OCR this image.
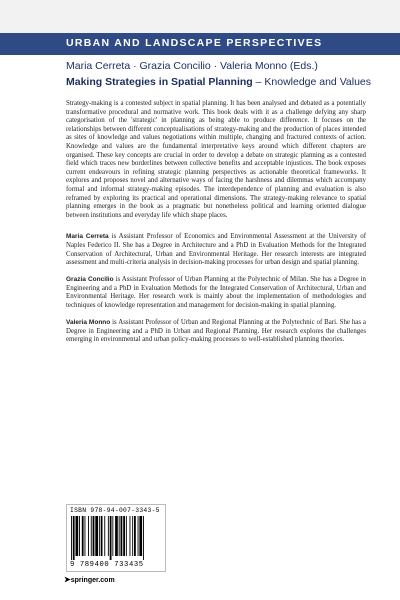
URBAN AND LANDSCAPE PERSPECTIVES
Maria Cerreta · Grazia Concilio · Valeria Monno (Eds.)
Making Strategies in Spatial Planning – Knowledge and Values

Strategy-making is a contested subject in spatial planning. It has been analysed and debated as a potentially transformative procedural and normative work. This book deals with it as a challenge defying any sharp categorisation of the 'strategic' in planning as being able to produce difference. It focuses on the relationships between different conceptualisations of strategy-making and the production of places intended as sites of knowledge and values negotiations within multiple, changing and fractured contexts of action. Knowledge and values are the fundamental interpretative keys around which different chapters are organised. These key concepts are crucial in order to develop a debate on strategic planning as a contested field which traces new borderlines between collective benefits and acceptable injustices. The book exposes current endeavours in refining strategic planning perspectives as actionable theoretical frameworks. It explores and proposes novel and alternative ways of facing the harshness and dilemmas which accompany formal and informal strategy-making episodes. The interdependence of planning and evaluation is also reframed by exploring its practical and operational dimensions. The strategy-making relevance to spatial planning emerges in the book as a pragmatic but nonetheless political and learning oriented dialogue between institutions and everyday life which shape places.

Maria Cerreta is Assistant Professor of Economics and Environmental Assessment at the University of Naples Federico II. She has a Degree in Architecture and a PhD in Evaluation Methods for the Integrated Conservation of Architectural, Urban and Environmental Heritage. Her research interests are integrated assessment and multi-criteria analysis in decision-making processes for urban design and spatial planning.

Grazia Concilio is Assistant Professor of Urban Planning at the Polytechnic of Milan. She has a Degree in Engineering and a PhD in Evaluation Methods for the Integrated Conservation of Architectural, Urban and Environmental Heritage. Her research work is mainly about the implementation of methodologies and techniques of knowledge representation and management for decision-making in spatial planning.

Valeria Monno is Assistant Professor of Urban and Regional Planning at the Polytechnic of Bari. She has a Degree in Engineering and a PhD in Urban and Regional Planning. Her research explores the challenges emerging in environmental and urban policy-making processes to well-established planning theories.

ISBN 978-94-007-3343-5
9 789400 733435
➤springer.com
